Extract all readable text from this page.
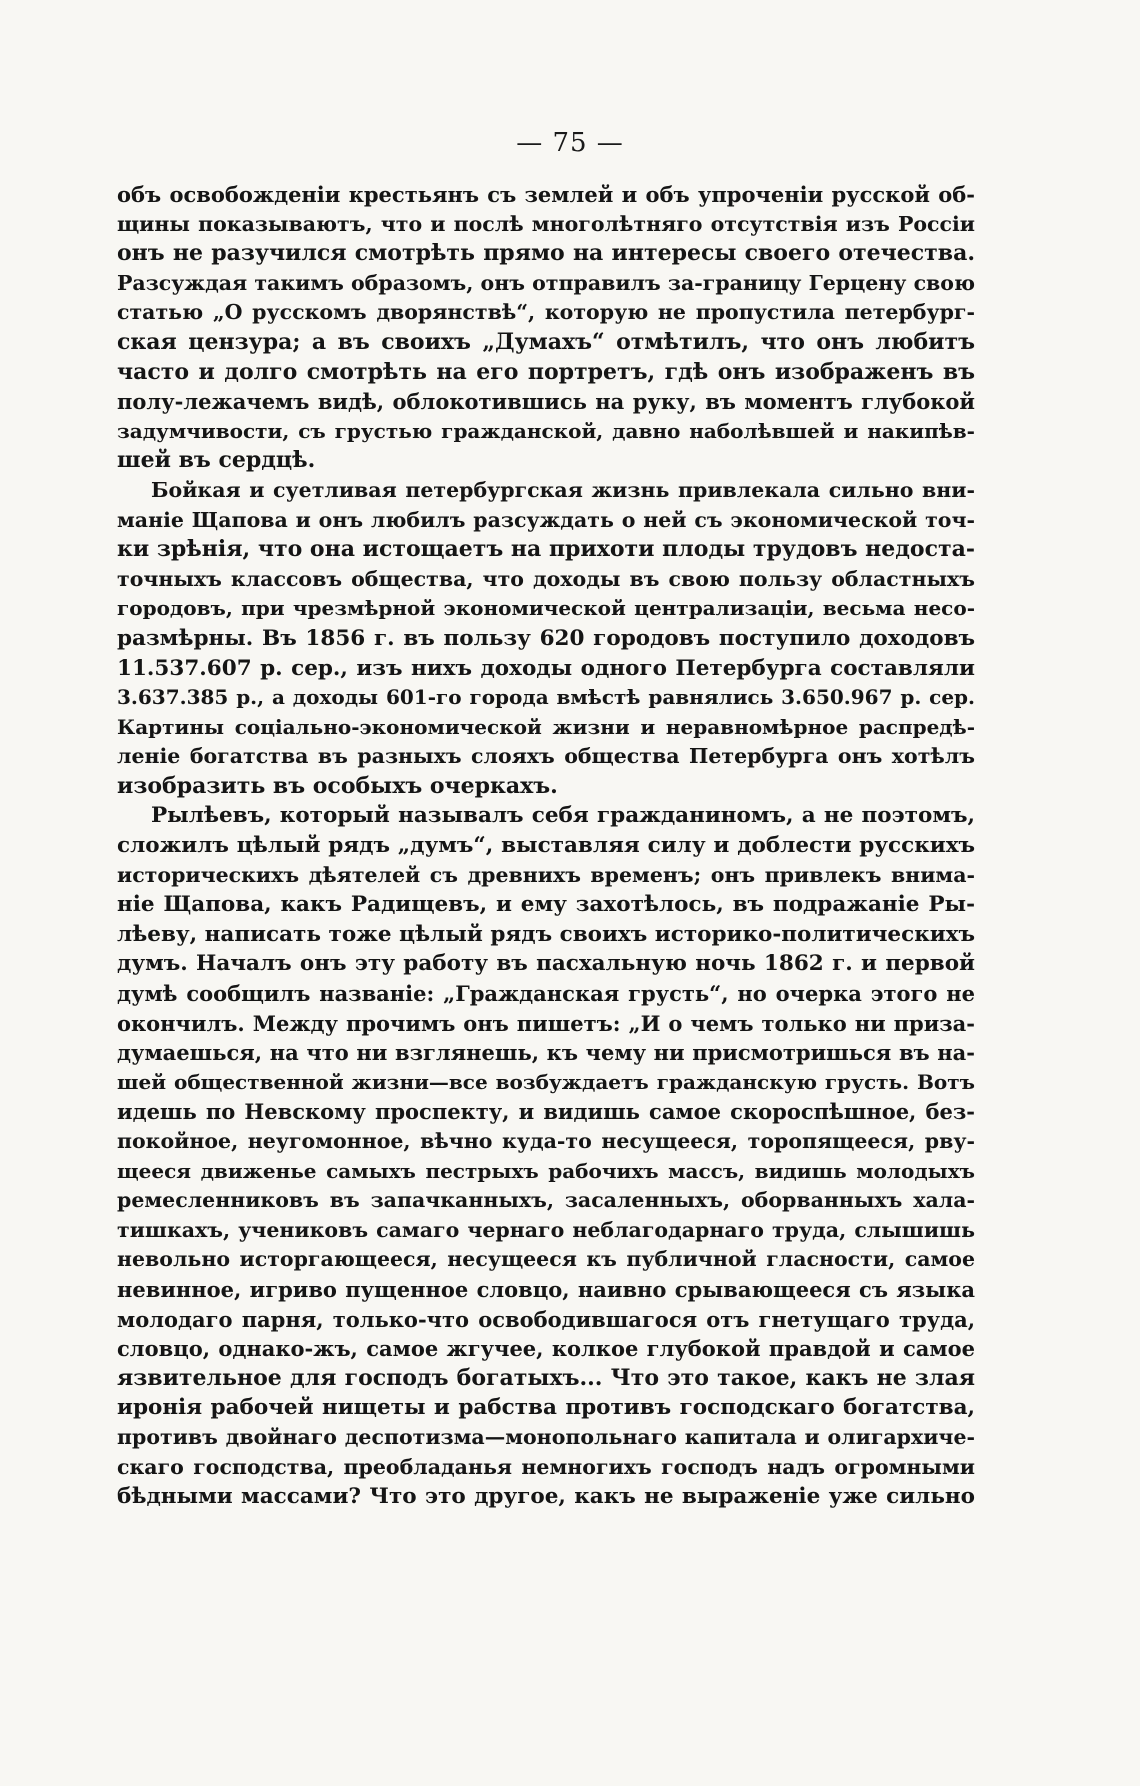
— 75 —
объ освобожденіи крестьянъ съ землей и объ упроченіи русской об-
щины показываютъ, что и послѣ многолѣтняго отсутствія изъ Россіи
онъ не разучился смотрѣть прямо на интересы своего отечества.
Разсуждая такимъ образомъ, онъ отправилъ за-границу Герцену свою
статью „О русскомъ дворянствѣ“, которую не пропустила петербург-
ская цензура; а въ своихъ „Думахъ“ отмѣтилъ, что онъ любитъ
часто и долго смотрѣть на его портретъ, гдѣ онъ изображенъ въ
полу-лежачемъ видѣ, облокотившись на руку, въ моментъ глубокой
задумчивости, съ грустью гражданской, давно наболѣвшей и накипѣв-
шей въ сердцѣ.
Бойкая и суетливая петербургская жизнь привлекала сильно вни-
маніе Щапова и онъ любилъ разсуждать о ней съ экономической точ-
ки зрѣнія, что она истощаетъ на прихоти плоды трудовъ недоста-
точныхъ классовъ общества, что доходы въ свою пользу областныхъ
городовъ, при чрезмѣрной экономической централизаціи, весьма несо-
размѣрны. Въ 1856 г. въ пользу 620 городовъ поступило доходовъ
11.537.607 р. сер., изъ нихъ доходы одного Петербурга составляли
3.637.385 р., а доходы 601-го города вмѣстѣ равнялись 3.650.967 р. сер.
Картины соціально-экономической жизни и неравномѣрное распредѣ-
леніе богатства въ разныхъ слояхъ общества Петербурга онъ хотѣлъ
изобразить въ особыхъ очеркахъ.
Рылѣевъ, который называлъ себя гражданиномъ, а не поэтомъ,
сложилъ цѣлый рядъ „думъ“, выставляя силу и доблести русскихъ
историческихъ дѣятелей съ древнихъ временъ; онъ привлекъ внима-
ніе Щапова, какъ Радищевъ, и ему захотѣлось, въ подражаніе Ры-
лѣеву, написать тоже цѣлый рядъ своихъ историко-политическихъ
думъ. Началъ онъ эту работу въ пасхальную ночь 1862 г. и первой
думѣ сообщилъ названіе: „Гражданская грусть“, но очерка этого не
окончилъ. Между прочимъ онъ пишетъ: „И о чемъ только ни приза-
думаешься, на что ни взглянешь, къ чему ни присмотришься въ на-
шей общественной жизни—все возбуждаетъ гражданскую грусть. Вотъ
идешь по Невскому проспекту, и видишь самое скороспѣшное, без-
покойное, неугомонное, вѣчно куда-то несущееся, торопящееся, рву-
щееся движенье самыхъ пестрыхъ рабочихъ массъ, видишь молодыхъ
ремесленниковъ въ запачканныхъ, засаленныхъ, оборванныхъ хала-
тишкахъ, учениковъ самаго чернаго неблагодарнаго труда, слышишь
невольно исторгающееся, несущееся къ публичной гласности, самое
невинное, игриво пущенное словцо, наивно срывающееся съ языка
молодаго парня, только-что освободившагося отъ гнетущаго труда,
словцо, однако-жъ, самое жгучее, колкое глубокой правдой и самое
язвительное для господъ богатыхъ... Что это такое, какъ не злая
иронія рабочей нищеты и рабства противъ господскаго богатства,
противъ двойнаго деспотизма—монопольнаго капитала и олигархиче-
скаго господства, преобладанья немногихъ господъ надъ огромными
бѣдными массами? Что это другое, какъ не выраженіе уже сильно
